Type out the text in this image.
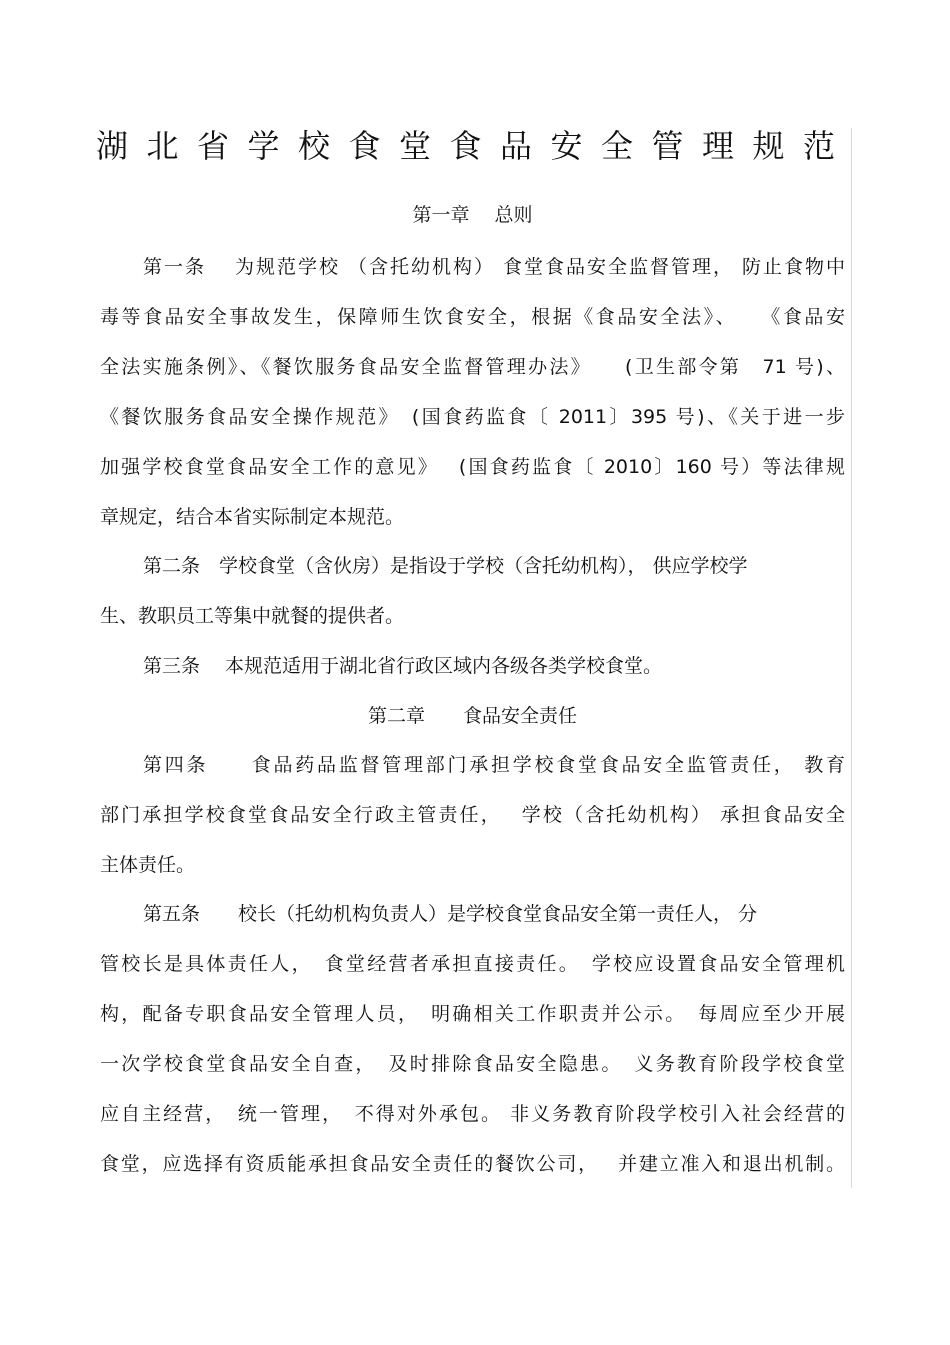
湖北省学校食堂食品安全管理规范
第一章　 总则

第一条　 为规范学校 （含托幼机构） 食堂食品安全监督管理， 防止食物中

毒等食品安全事故发生，保障师生饮食安全，根据《食品安全法》、　　《食品安

全法实施条例》、《餐饮服务食品安全监督管理办法》　　(卫生部令第　71 号)、

《餐饮服务食品安全操作规范》　(国食药监食〔 2011〕395 号)、《关于进一步

加强学校食堂食品安全工作的意见》　 (国食药监食〔 2010〕160 号）等法律规

章规定，结合本省实际制定本规范。

第二条　学校食堂（含伙房）是指设于学校（含托幼机构）， 供应学校学

生、教职员工等集中就餐的提供者。

第三条　 本规范适用于湖北省行政区域内各级各类学校食堂。

第二章　　食品安全责任

第四条　　食品药品监督管理部门承担学校食堂食品安全监管责任， 教育

部门承担学校食堂食品安全行政主管责任，　 学校（含托幼机构） 承担食品安全

主体责任。

第五条　　校长（托幼机构负责人）是学校食堂食品安全第一责任人， 分

管校长是具体责任人，　食堂经营者承担直接责任。　学校应设置食品安全管理机

构，配备专职食品安全管理人员，　明确相关工作职责并公示。　每周应至少开展

一次学校食堂食品安全自查，　及时排除食品安全隐患。　义务教育阶段学校食堂

应自主经营，　统一管理，　不得对外承包。 非义务教育阶段学校引入社会经营的

食堂，应选择有资质能承担食品安全责任的餐饮公司，　 并建立准入和退出机制。
